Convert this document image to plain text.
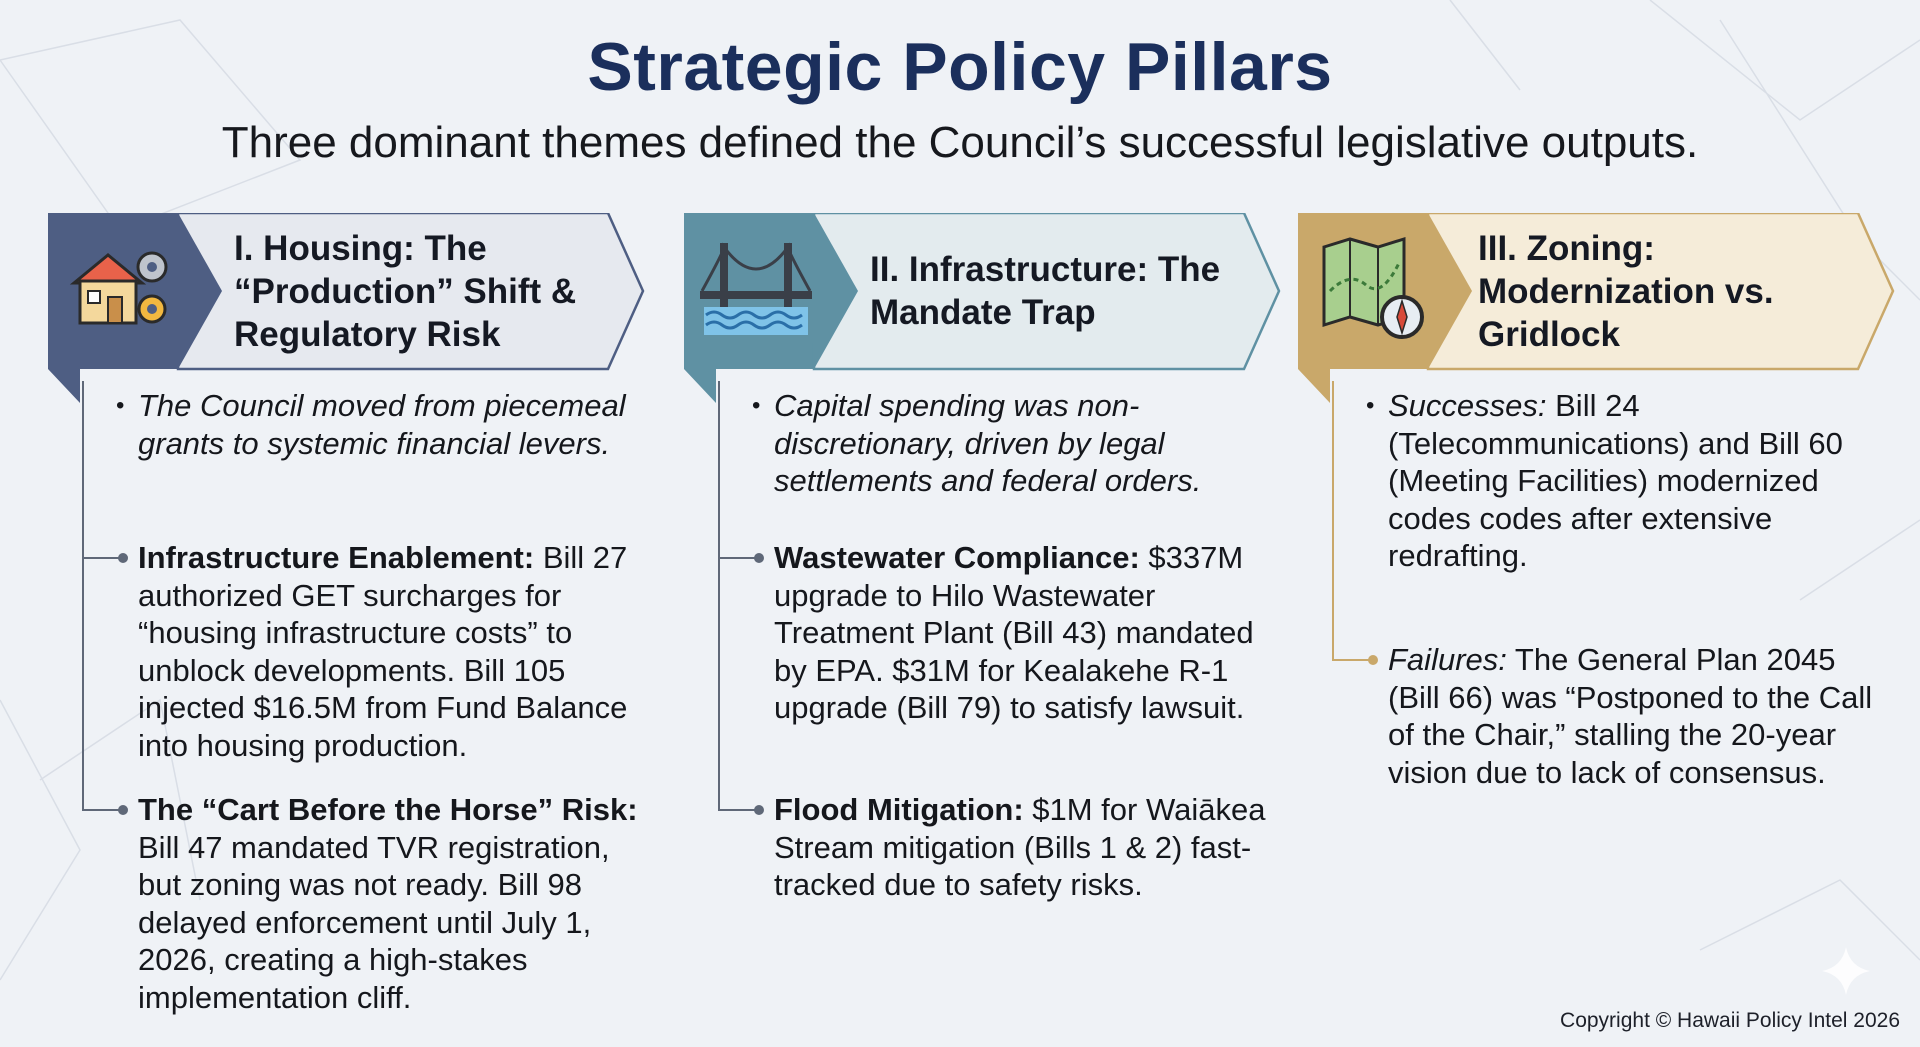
Strategic Policy Pillars
Three dominant themes defined the Council’s successful legislative outputs.
I. Housing: The “Production” Shift & Regulatory Risk
• The Council moved from piecemeal grants to systemic financial levers.
Infrastructure Enablement: Bill 27 authorized GET surcharges for “housing infrastructure costs” to unblock developments. Bill 105 injected $16.5M from Fund Balance into housing production.
The “Cart Before the Horse” Risk: Bill 47 mandated TVR registration, but zoning was not ready. Bill 98 delayed enforcement until July 1, 2026, creating a high-stakes implementation cliff.
II. Infrastructure: The Mandate Trap
• Capital spending was non-discretionary, driven by legal settlements and federal orders.
Wastewater Compliance: $337M upgrade to Hilo Wastewater Treatment Plant (Bill 43) mandated by EPA. $31M for Kealakehe R-1 upgrade (Bill 79) to satisfy lawsuit.
Flood Mitigation: $1M for Waiākea Stream mitigation (Bills 1 & 2) fast-tracked due to safety risks.
III. Zoning: Modernization vs. Gridlock
• Successes: Bill 24 (Telecommunications) and Bill 60 (Meeting Facilities) modernized codes codes after extensive redrafting.
Failures: The General Plan 2045 (Bill 66) was “Postponed to the Call of the Chair,” stalling the 20-year vision due to lack of consensus.
Copyright © Hawaii Policy Intel 2026
